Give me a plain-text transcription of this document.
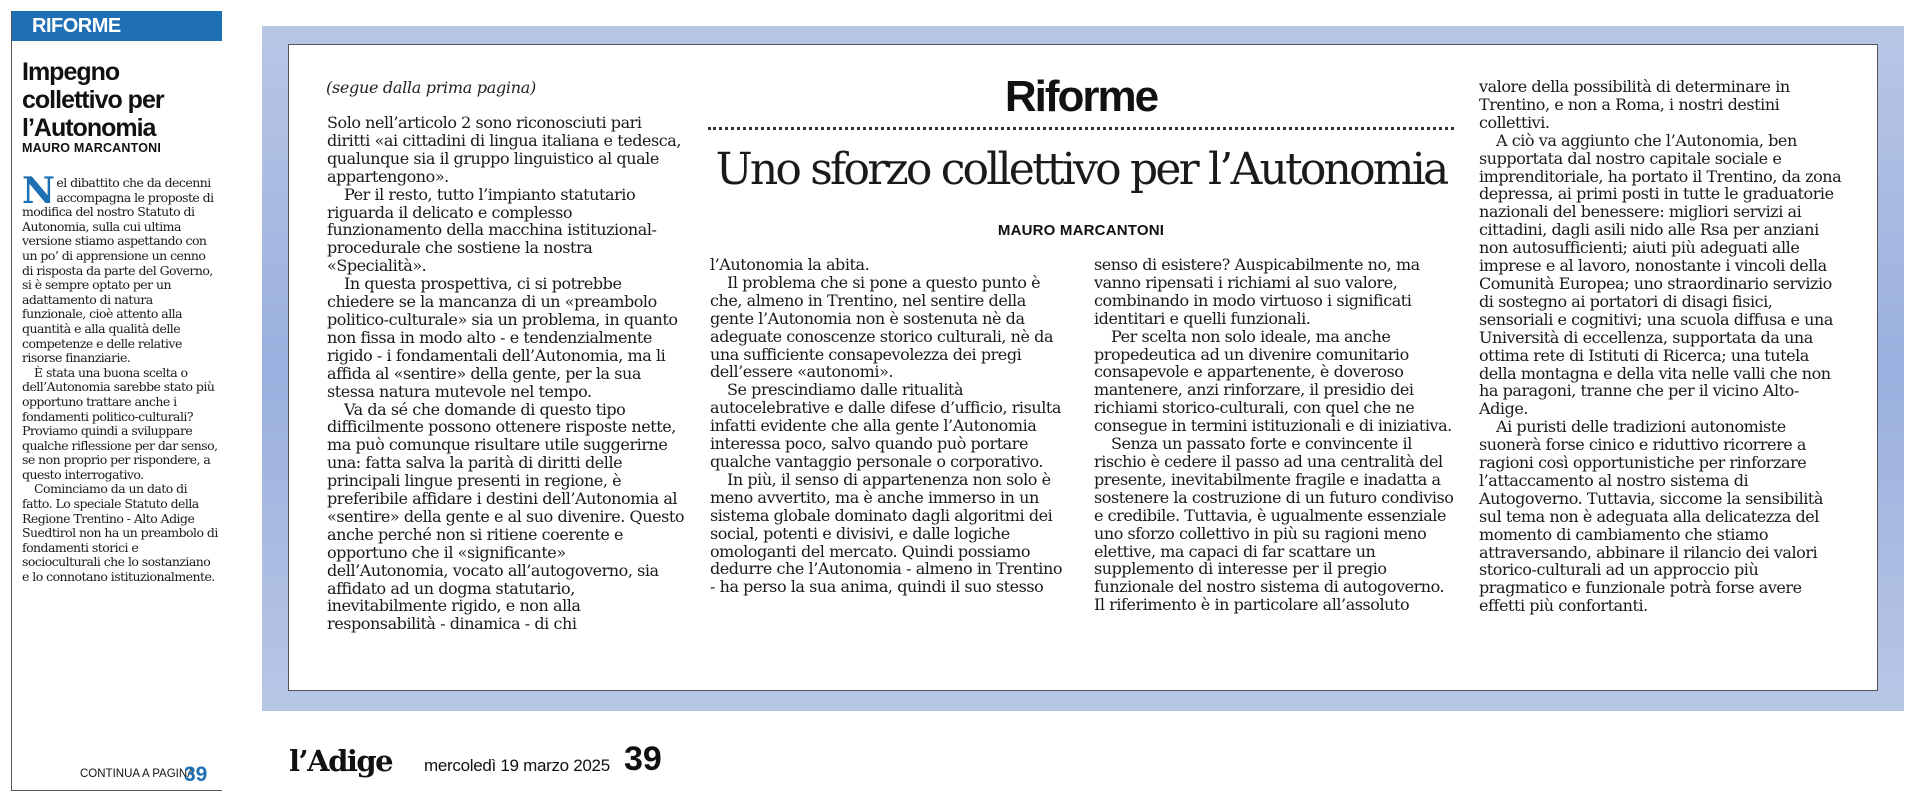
RIFORME
Impegno collettivo per l’Autonomia
MAURO MARCANTONI

Nel dibattito che da decenni accompagna le proposte di modifica del nostro Statuto di Autonomia, sulla cui ultima versione stiamo aspettando con un po’ di apprensione un cenno di risposta da parte del Governo, si è sempre optato per un adattamento di natura funzionale, cioè attento alla quantità e alla qualità delle competenze e delle relative risorse finanziarie.

È stata una buona scelta o dell’Autonomia sarebbe stato più opportuno trattare anche i fondamenti politico-culturali? Proviamo quindi a sviluppare qualche riflessione per dar senso, se non proprio per rispondere, a questo interrogativo.

Cominciamo da un dato di fatto. Lo speciale Statuto della Regione Trentino - Alto Adige Suedtirol non ha un preambolo di fondamenti storici e socioculturali che lo sostanziano e lo connotano istituzionalmente.

CONTINUA A PAGINA
39
(segue dalla prima pagina)

Solo nell’articolo 2 sono riconosciuti pari diritti «ai cittadini di lingua italiana e tedesca, qualunque sia il gruppo linguistico al quale appartengono».

Per il resto, tutto l’impianto statutario riguarda il delicato e complesso funzionamento della macchina istituzional-procedurale che sostiene la nostra «Specialità».

In questa prospettiva, ci si potrebbe chiedere se la mancanza di un «preambolo politico-culturale» sia un problema, in quanto non fissa in modo alto - e tendenzialmente rigido - i fondamentali dell’Autonomia, ma li affida al «sentire» della gente, per la sua stessa natura mutevole nel tempo.

Va da sé che domande di questo tipo difficilmente possono ottenere risposte nette, ma può comunque risultare utile suggerirne una: fatta salva la parità di diritti delle principali lingue presenti in regione, è preferibile affidare i destini dell’Autonomia al «sentire» della gente e al suo divenire. Questo anche perché non si ritiene coerente e opportuno che il «significante» dell’Autonomia, vocato all’autogoverno, sia affidato ad un dogma statutario, inevitabilmente rigido, e non alla responsabilità - dinamica - di chi

Riforme
Uno sforzo collettivo per l’Autonomia
MAURO MARCANTONI

l’Autonomia la abita.

Il problema che si pone a questo punto è che, almeno in Trentino, nel sentire della gente l’Autonomia non è sostenuta nè da adeguate conoscenze storico culturali, nè da una sufficiente consapevolezza dei pregi dell’essere «autonomi».

Se prescindiamo dalle ritualità autocelebrative e dalle difese d’ufficio, risulta infatti evidente che alla gente l’Autonomia interessa poco, salvo quando può portare qualche vantaggio personale o corporativo.

In più, il senso di appartenenza non solo è meno avvertito, ma è anche immerso in un sistema globale dominato dagli algoritmi dei social, potenti e divisivi, e dalle logiche omologanti del mercato. Quindi possiamo dedurre che l’Autonomia - almeno in Trentino - ha perso la sua anima, quindi il suo stesso

senso di esistere? Auspicabilmente no, ma vanno ripensati i richiami al suo valore, combinando in modo virtuoso i significati identitari e quelli funzionali.

Per scelta non solo ideale, ma anche propedeutica ad un divenire comunitario consapevole e appartenente, è doveroso mantenere, anzi rinforzare, il presidio dei richiami storico-culturali, con quel che ne consegue in termini istituzionali e di iniziativa.

Senza un passato forte e convincente il rischio è cedere il passo ad una centralità del presente, inevitabilmente fragile e inadatta a sostenere la costruzione di un futuro condiviso e credibile. Tuttavia, è ugualmente essenziale uno sforzo collettivo in più su ragioni meno elettive, ma capaci di far scattare un supplemento di interesse per il pregio funzionale del nostro sistema di autogoverno. Il riferimento è in particolare all’assoluto

valore della possibilità di determinare in Trentino, e non a Roma, i nostri destini collettivi.

A ciò va aggiunto che l’Autonomia, ben supportata dal nostro capitale sociale e imprenditoriale, ha portato il Trentino, da zona depressa, ai primi posti in tutte le graduatorie nazionali del benessere: migliori servizi ai cittadini, dagli asili nido alle Rsa per anziani non autosufficienti; aiuti più adeguati alle imprese e al lavoro, nonostante i vincoli della Comunità Europea; uno straordinario servizio di sostegno ai portatori di disagi fisici, sensoriali e cognitivi; una scuola diffusa e una Università di eccellenza, supportata da una ottima rete di Istituti di Ricerca; una tutela della montagna e della vita nelle valli che non ha paragoni, tranne che per il vicino Alto-Adige.

Ai puristi delle tradizioni autonomiste suonerà forse cinico e riduttivo ricorrere a ragioni così opportunistiche per rinforzare l’attaccamento al nostro sistema di Autogoverno. Tuttavia, siccome la sensibilità sul tema non è adeguata alla delicatezza del momento di cambiamento che stiamo attraversando, abbinare il rilancio dei valori storico-culturali ad un approccio più pragmatico e funzionale potrà forse avere effetti più confortanti.

l’Adige mercoledì 19 marzo 2025 39
